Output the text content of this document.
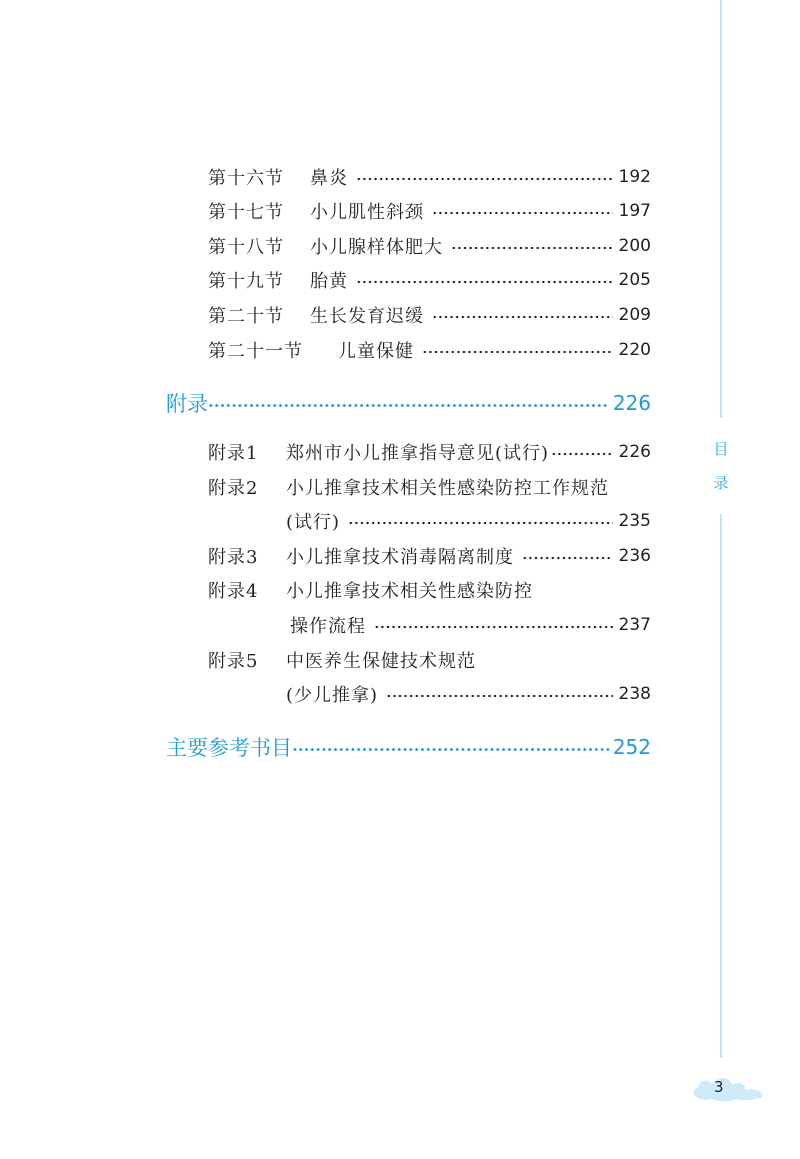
目
录
第十六节	鼻炎	192
第十七节	小儿肌性斜颈	197
第十八节	小儿腺样体肥大	200
第十九节	胎黄	205
第二十节	生长发育迟缓	209
第二十一节	儿童保健	220
附录	226
附录1	郑州市小儿推拿指导意见(试行)	226
附录2	小儿推拿技术相关性感染防控工作规范
(试行)	235
附录3	小儿推拿技术消毒隔离制度	236
附录4	小儿推拿技术相关性感染防控
操作流程	237
附录5	中医养生保健技术规范
(少儿推拿)	238
主要参考书目	252
3
